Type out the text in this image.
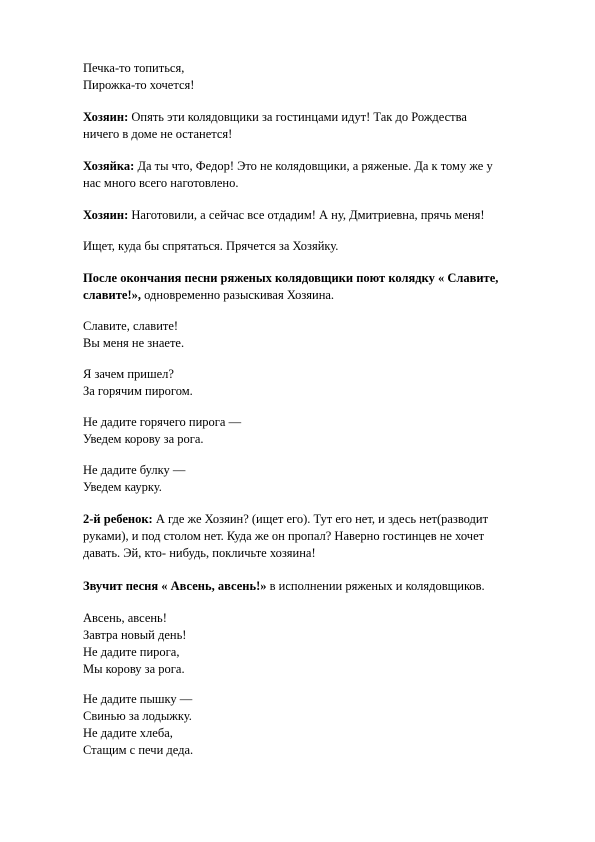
Печка-то топиться,
Пирожка-то хочется!
Хозяин: Опять эти колядовщики за гостинцами идут! Так до Рождества
ничего в доме не останется!
Хозяйка: Да ты что, Федор! Это не колядовщики, а ряженые. Да к тому же у
нас много всего наготовлено.
Хозяин: Наготовили, а сейчас все отдадим! А ну, Дмитриевна, прячь меня!
Ищет, куда бы спрятаться. Прячется за Хозяйку.
После окончания песни ряженых колядовщики поют колядку « Славите,
славите!», одновременно разыскивая Хозяина.
Славите, славите!
Вы меня не знаете.
Я зачем пришел?
За горячим пирогом.
Не дадите горячего пирога —
Уведем корову за рога.
Не дадите булку —
Уведем каурку.
2-й ребенок: А где же Хозяин? (ищет его). Тут его нет, и здесь нет(разводит
руками), и под столом нет. Куда же он пропал? Наверно гостинцев не хочет
давать. Эй, кто- нибудь, покличьте хозяина!
Звучит песня « Авсень, авсень!» в исполнении ряженых и колядовщиков.
Авсень, авсень!
Завтра новый день!
Не дадите пирога,
Мы корову за рога.
Не дадите пышку —
Свинью за лодыжку.
Не дадите хлеба,
Стащим с печи деда.
